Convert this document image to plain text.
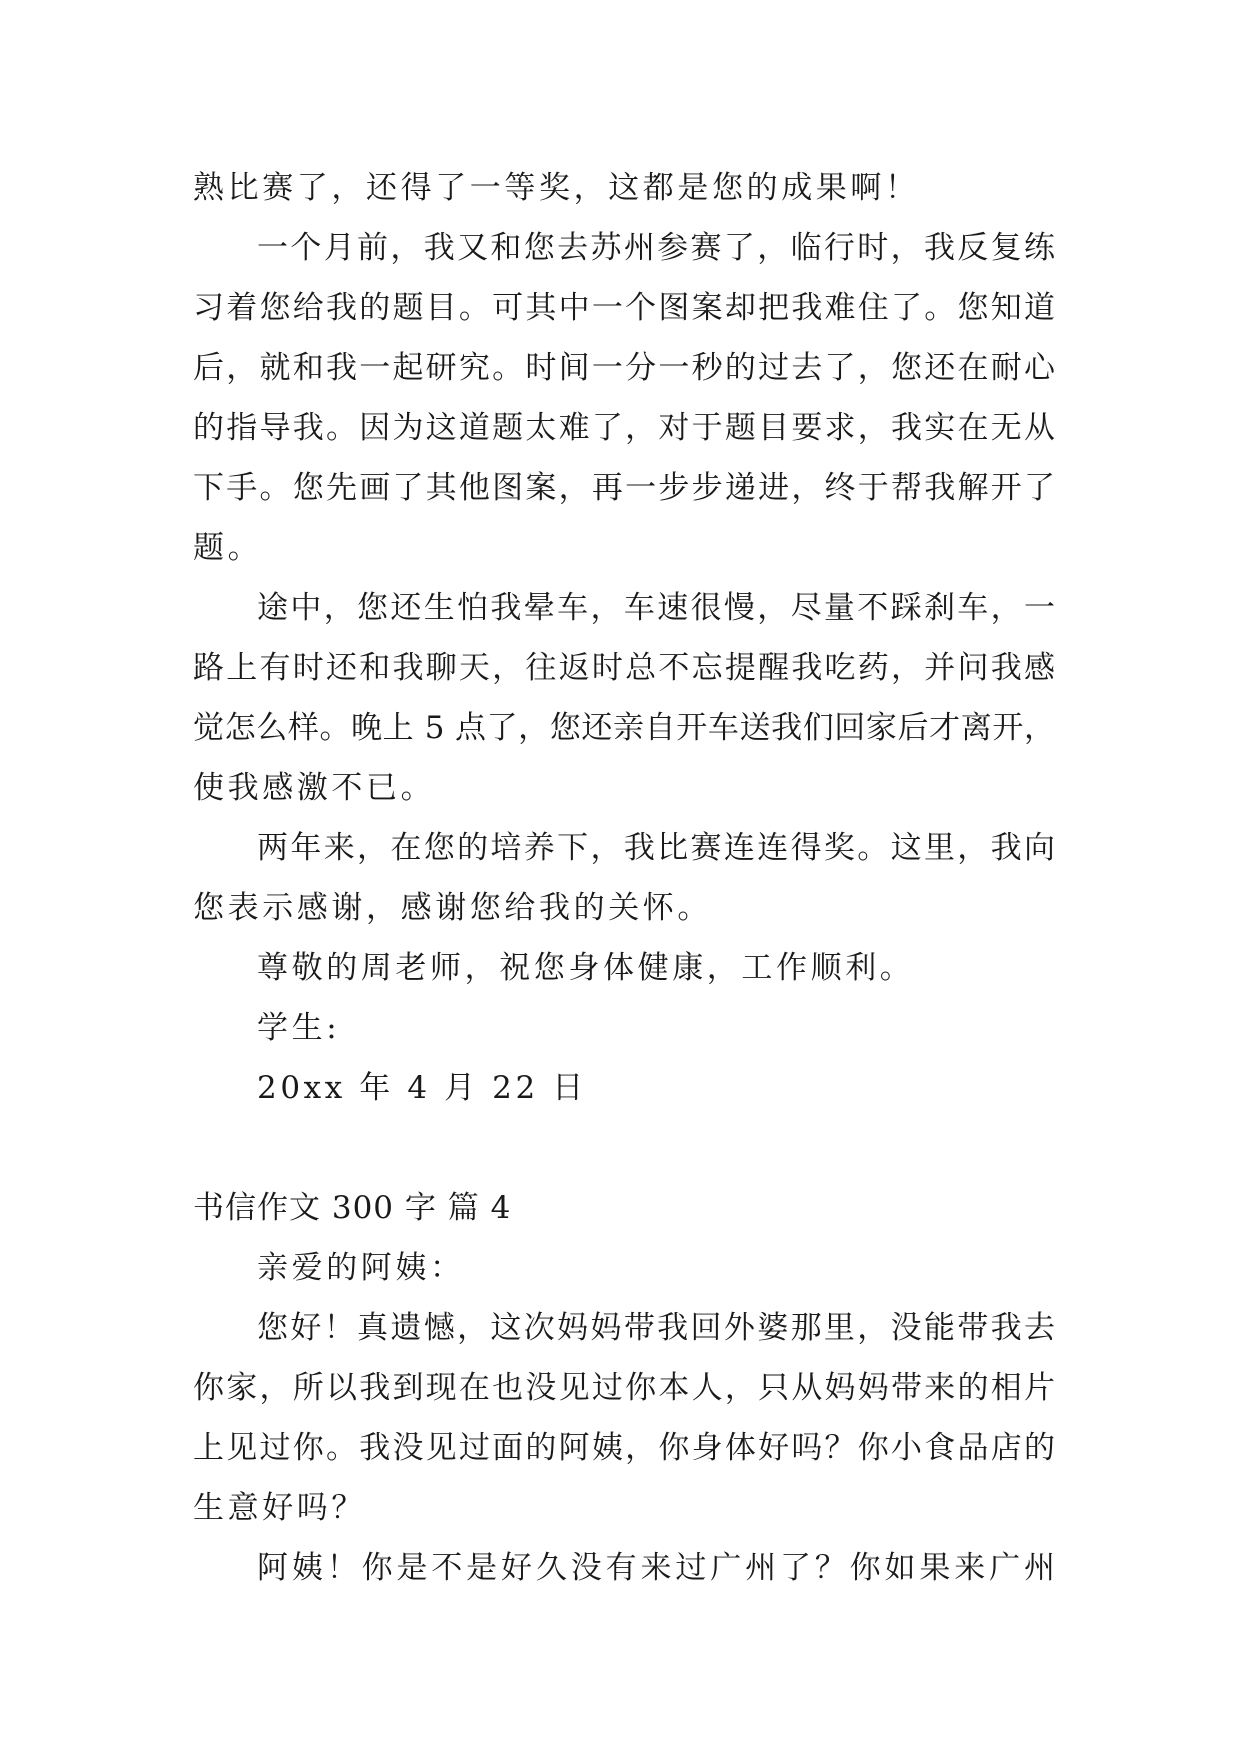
熟比赛了，还得了一等奖，这都是您的成果啊！
一个月前，我又和您去苏州参赛了，临行时，我反复练
习着您给我的题目。可其中一个图案却把我难住了。您知道
后，就和我一起研究。时间一分一秒的过去了，您还在耐心
的指导我。因为这道题太难了，对于题目要求，我实在无从
下手。您先画了其他图案，再一步步递进，终于帮我解开了
题。
途中，您还生怕我晕车，车速很慢，尽量不踩刹车，一
路上有时还和我聊天，往返时总不忘提醒我吃药，并问我感
觉怎么样。晚上 5 点了，您还亲自开车送我们回家后才离开，
使我感激不已。
两年来，在您的培养下，我比赛连连得奖。这里，我向
您表示感谢，感谢您给我的关怀。
尊敬的周老师，祝您身体健康，工作顺利。
学生:
20xx 年 4 月 22 日
书信作文 300 字 篇 4
亲爱的阿姨：
您好！真遗憾，这次妈妈带我回外婆那里，没能带我去
你家，所以我到现在也没见过你本人，只从妈妈带来的相片
上见过你。我没见过面的阿姨，你身体好吗？你小食品店的
生意好吗？
阿姨！你是不是好久没有来过广州了？你如果来广州
